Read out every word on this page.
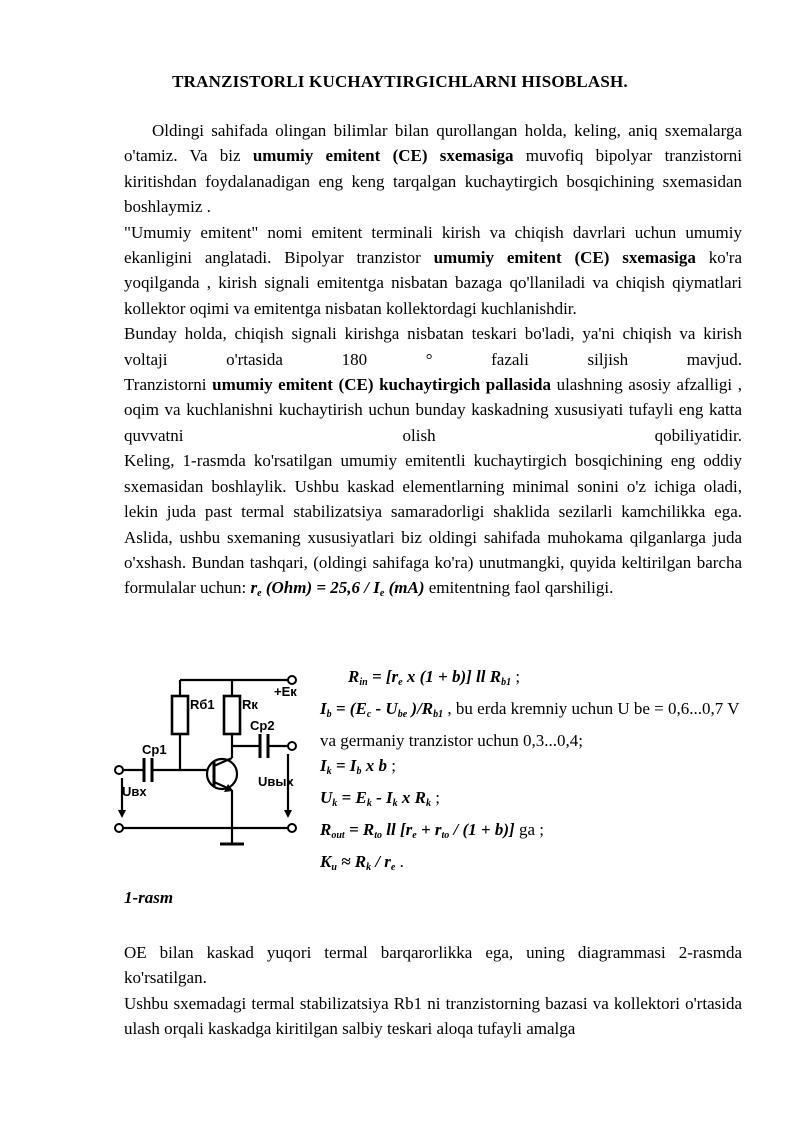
TRANZISTORLI KUCHAYTIRGICHLARNI HISOBLASH.

Oldingi sahifada olingan bilimlar bilan qurollangan holda, keling, aniq sxemalarga o'tamiz. Va biz umumiy emitent (CE) sxemasiga muvofiq bipolyar tranzistorni kiritishdan foydalanadigan eng keng tarqalgan kuchaytirgich bosqichining sxemasidan boshlaymiz .

"Umumiy emitent" nomi emitent terminali kirish va chiqish davrlari uchun umumiy ekanligini anglatadi. Bipolyar tranzistor umumiy emitent (CE) sxemasiga ko'ra yoqilganda , kirish signali emitentga nisbatan bazaga qo'llaniladi va chiqish qiymatlari kollektor oqimi va emitentga nisbatan kollektordagi kuchlanishdir.

Bunday holda, chiqish signali kirishga nisbatan teskari bo'ladi, ya'ni chiqish va kirish voltaji o'rtasida 180 ° fazali siljish mavjud.

Tranzistorni umumiy emitent (CE) kuchaytirgich pallasida ulashning asosiy afzalligi , oqim va kuchlanishni kuchaytirish uchun bunday kaskadning xususiyati tufayli eng katta quvvatni olish qobiliyatidir.

Keling, 1-rasmda ko'rsatilgan umumiy emitentli kuchaytirgich bosqichining eng oddiy sxemasidan boshlaylik. Ushbu kaskad elementlarning minimal sonini o'z ichiga oladi, lekin juda past termal stabilizatsiya samaradorligi shaklida sezilarli kamchilikka ega.

Aslida, ushbu sxemaning xususiyatlari biz oldingi sahifada muhokama qilganlarga juda o'xshash. Bundan tashqari, (oldingi sahifaga ko'ra) unutmangki, quyida keltirilgan barcha formulalar uchun: $r_e$ $(Ohm) = 25,6 / I_e$ (mA) emitentning faol qarshiligi.

Rб1 Rк
+Eк
Cp2
Cp1
Uвх
Uвых
$R_{in} = [r_e$ x (1 + b)] ll $R_{b1}$ ;
$I_b = (E_c - U_{be}$ )$/R_{b1}$ , bu erda kremniy uchun U be = 0,6...0,7 V va germaniy tranzistor uchun 0,3...0,4;
$I_k = I_b$ x b ;
$U_k = E_k - I_k$ x $R_k$ ;
$R_{out} = R_{to}$ ll $[r_e + r_{to} / (1 + b)]$ ga ;
$K_u \approx R_k / r_e$ .
1-rasm

OE bilan kaskad yuqori termal barqarorlikka ega, uning diagrammasi 2-rasmda ko'rsatilgan.

Ushbu sxemadagi termal stabilizatsiya Rb1 ni tranzistorning bazasi va kollektori o'rtasida ulash orqali kaskadga kiritilgan salbiy teskari aloqa tufayli amalga
